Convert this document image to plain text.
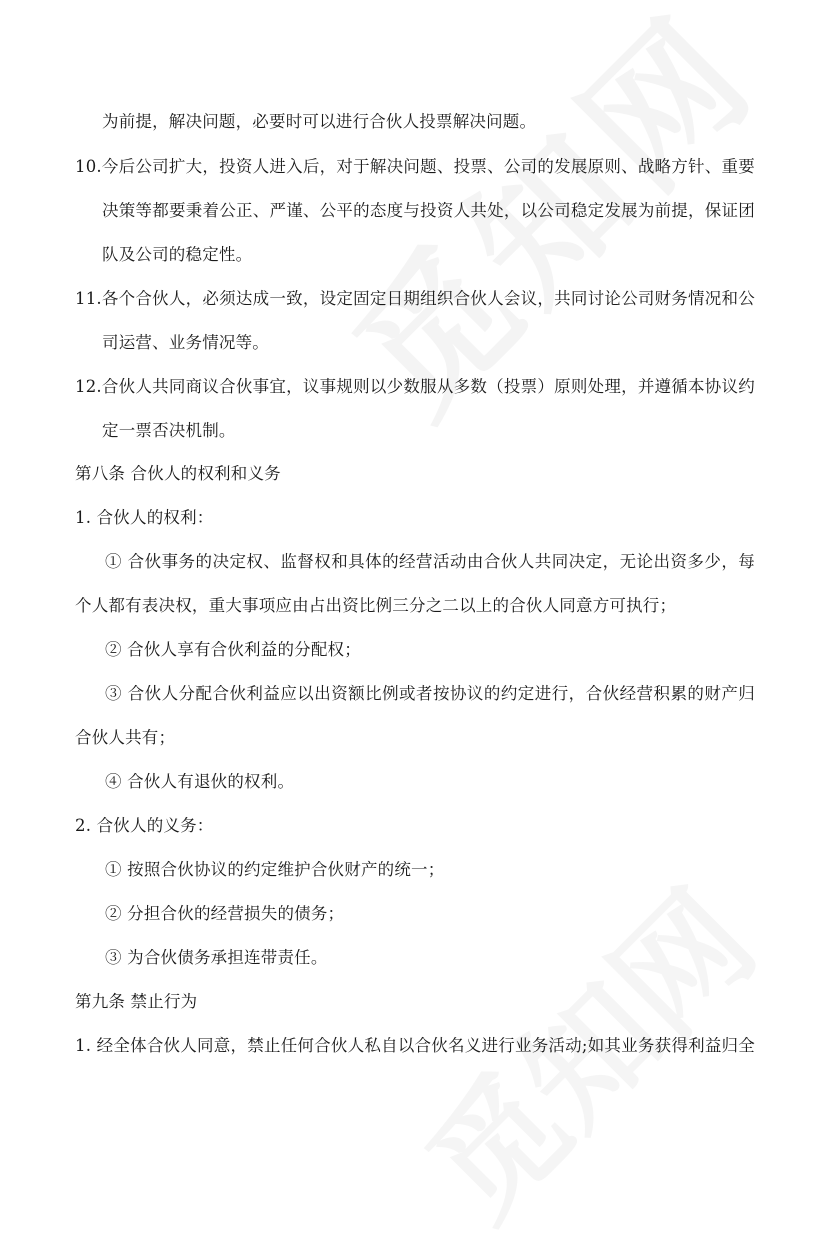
为前提，解决问题，必要时可以进行合伙人投票解决问题。
10.今后公司扩大，投资人进入后，对于解决问题、投票、公司的发展原则、战略方针、重要
决策等都要秉着公正、严谨、公平的态度与投资人共处，以公司稳定发展为前提，保证团
队及公司的稳定性。
11.各个合伙人，必须达成一致，设定固定日期组织合伙人会议，共同讨论公司财务情况和公
司运营、业务情况等。
12.合伙人共同商议合伙事宜，议事规则以少数服从多数（投票）原则处理，并遵循本协议约
定一票否决机制。
第八条 合伙人的权利和义务
1. 合伙人的权利：
① 合伙事务的决定权、监督权和具体的经营活动由合伙人共同决定，无论出资多少，每
个人都有表决权，重大事项应由占出资比例三分之二以上的合伙人同意方可执行；
② 合伙人享有合伙利益的分配权；
③ 合伙人分配合伙利益应以出资额比例或者按协议的约定进行，合伙经营积累的财产归
合伙人共有；
④ 合伙人有退伙的权利。
2. 合伙人的义务：
① 按照合伙协议的约定维护合伙财产的统一；
② 分担合伙的经营损失的债务；
③ 为合伙债务承担连带责任。
第九条 禁止行为
1. 经全体合伙人同意，禁止任何合伙人私自以合伙名义进行业务活动;如其业务获得利益归全
